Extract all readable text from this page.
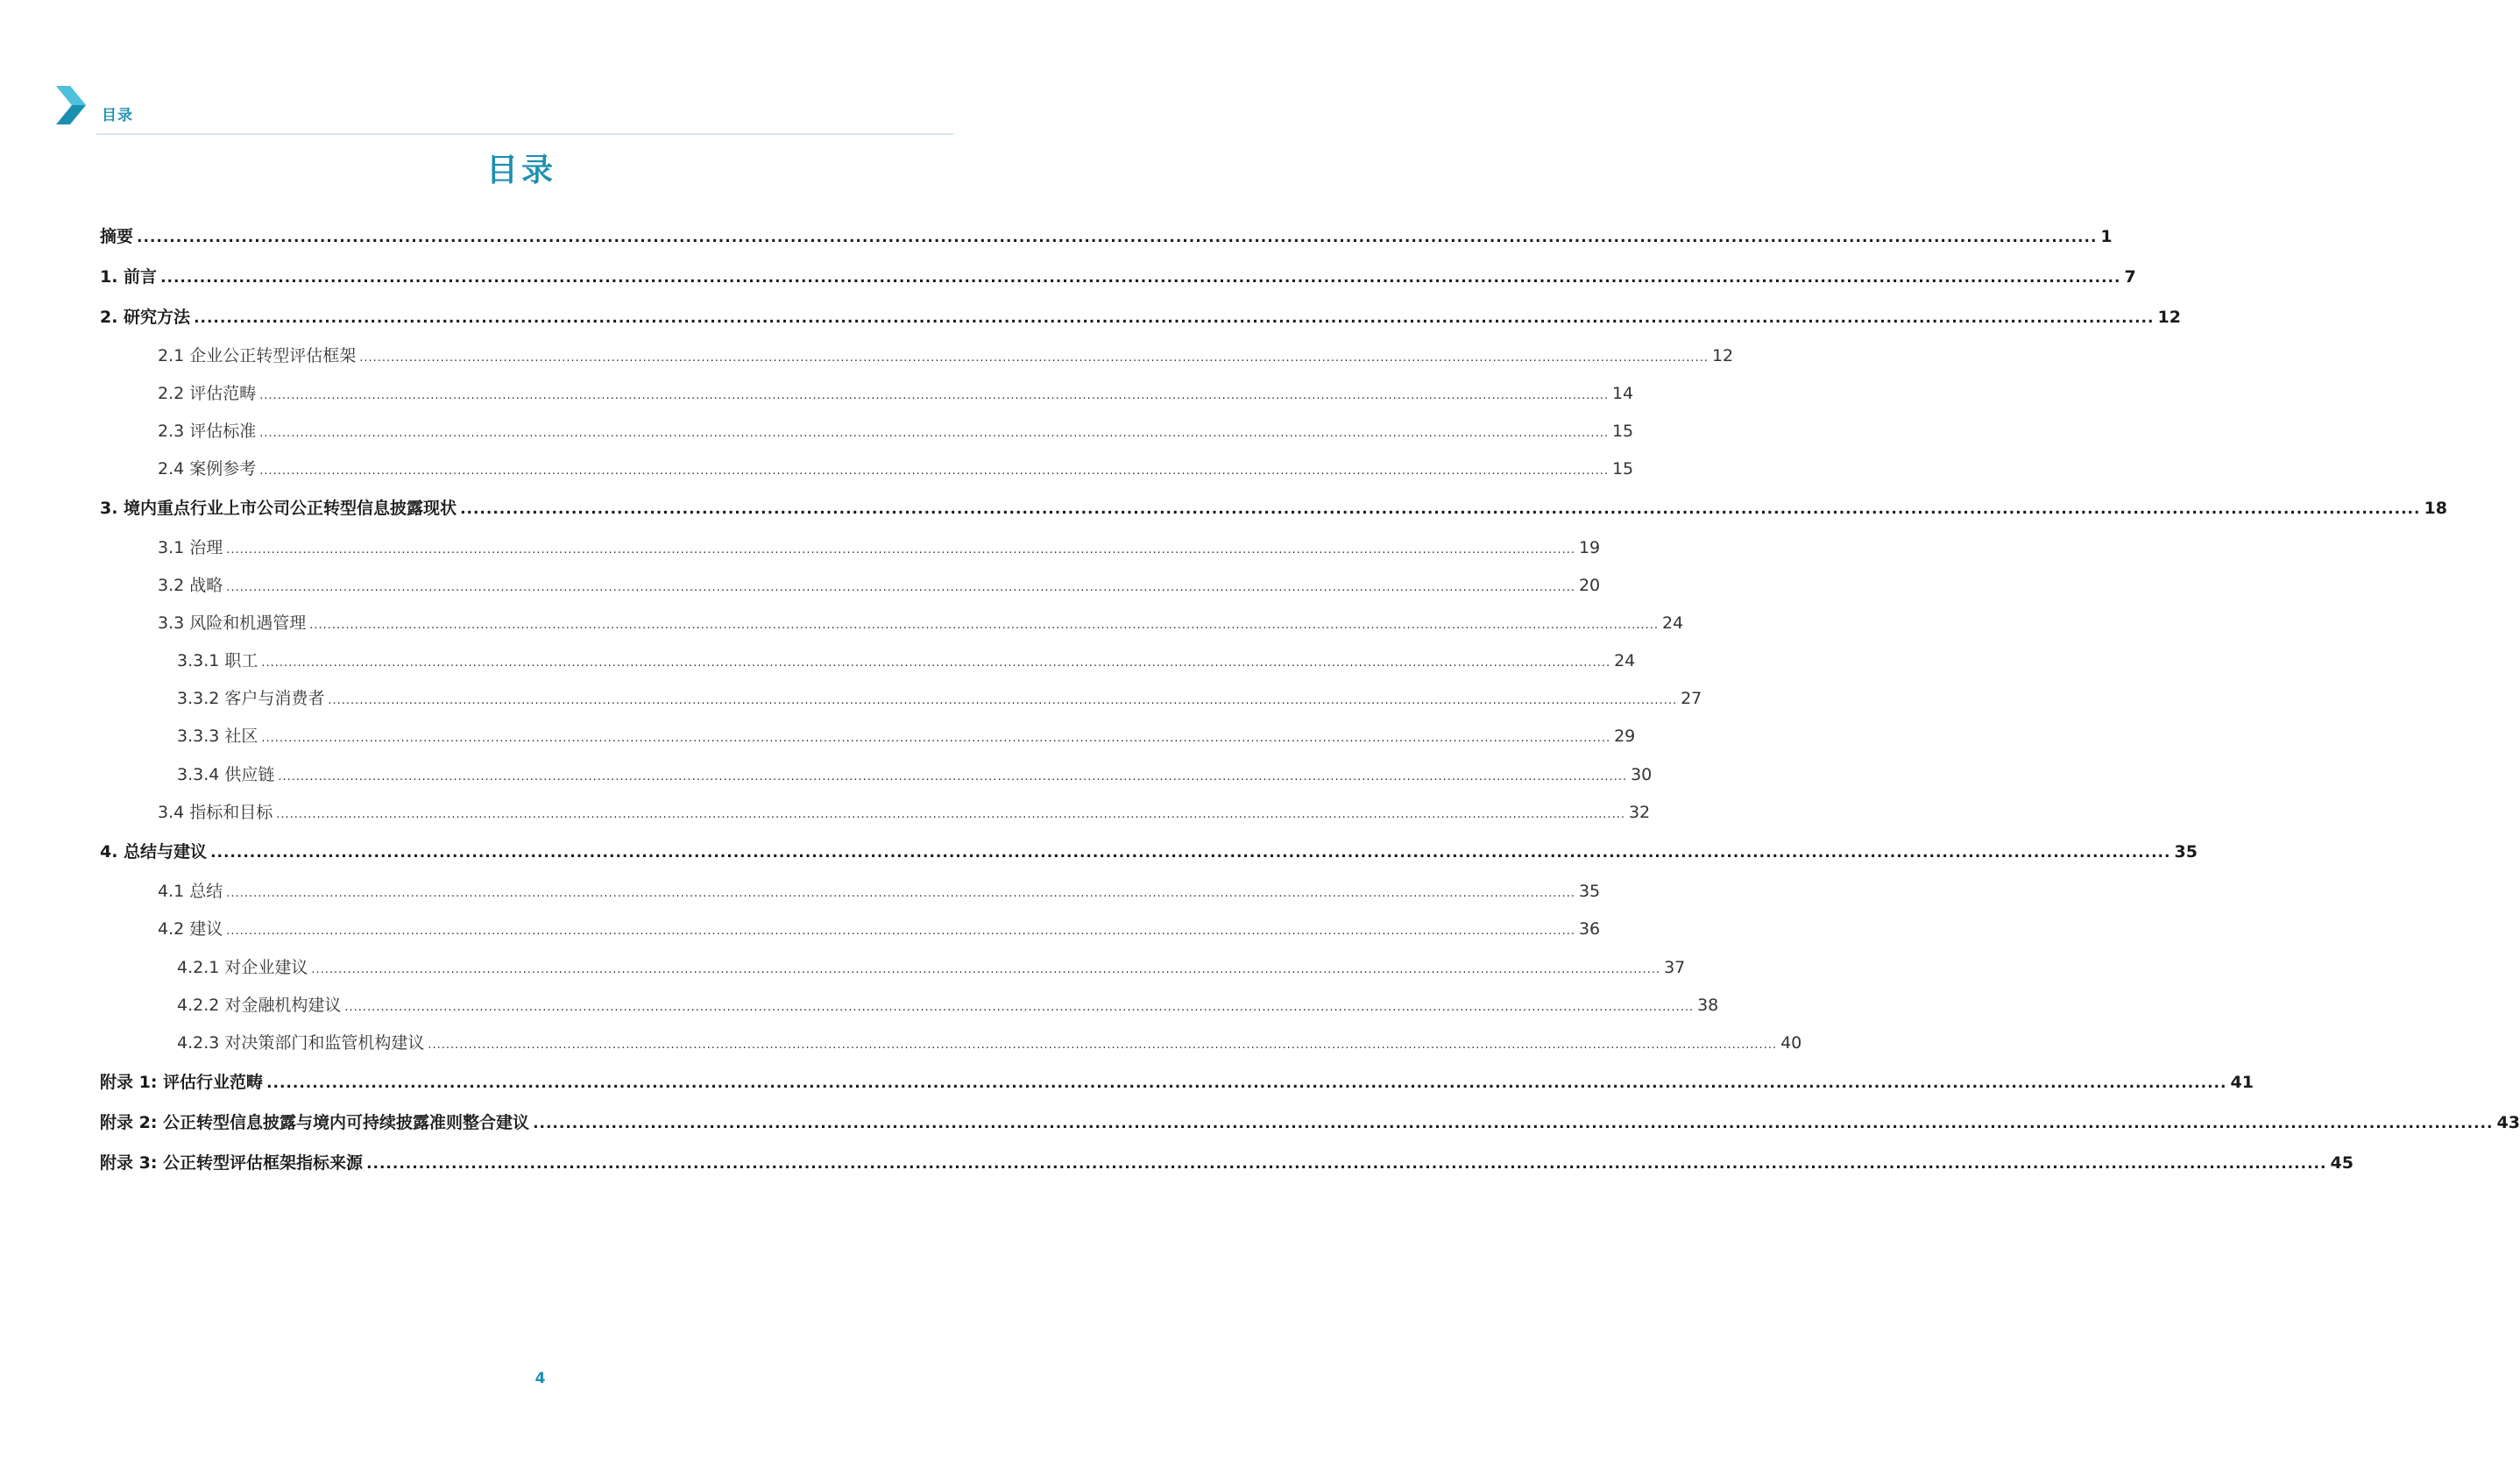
目录
目录
摘要 ............................................................................................................................................................................................................................................................................................................ 1
1. 前言 ............................................................................................................................................................................................................................................................................................................ 7
2. 研究方法 ............................................................................................................................................................................................................................................................................................................ 12
2.1 企业公正转型评估框架 ............................................................................................................................................................................................................................................................................................................ 12
2.2 评估范畴 ............................................................................................................................................................................................................................................................................................................ 14
2.3 评估标准 ............................................................................................................................................................................................................................................................................................................ 15
2.4 案例参考 ............................................................................................................................................................................................................................................................................................................ 15
3. 境内重点行业上市公司公正转型信息披露现状 ............................................................................................................................................................................................................................................................................................................ 18
3.1 治理 ............................................................................................................................................................................................................................................................................................................ 19
3.2 战略 ............................................................................................................................................................................................................................................................................................................ 20
3.3 风险和机遇管理 ............................................................................................................................................................................................................................................................................................................ 24
3.3.1 职工 ............................................................................................................................................................................................................................................................................................................ 24
3.3.2 客户与消费者 ............................................................................................................................................................................................................................................................................................................ 27
3.3.3 社区 ............................................................................................................................................................................................................................................................................................................ 29
3.3.4 供应链 ............................................................................................................................................................................................................................................................................................................ 30
3.4 指标和目标 ............................................................................................................................................................................................................................................................................................................ 32
4. 总结与建议 ............................................................................................................................................................................................................................................................................................................ 35
4.1 总结 ............................................................................................................................................................................................................................................................................................................ 35
4.2 建议 ............................................................................................................................................................................................................................................................................................................ 36
4.2.1 对企业建议 ............................................................................................................................................................................................................................................................................................................ 37
4.2.2 对金融机构建议 ............................................................................................................................................................................................................................................................................................................ 38
4.2.3 对决策部门和监管机构建议 ............................................................................................................................................................................................................................................................................................................ 40
附录 1: 评估行业范畴 ............................................................................................................................................................................................................................................................................................................ 41
附录 2: 公正转型信息披露与境内可持续披露准则整合建议 ............................................................................................................................................................................................................................................................................................................ 43
附录 3: 公正转型评估框架指标来源 ............................................................................................................................................................................................................................................................................................................ 45
4
